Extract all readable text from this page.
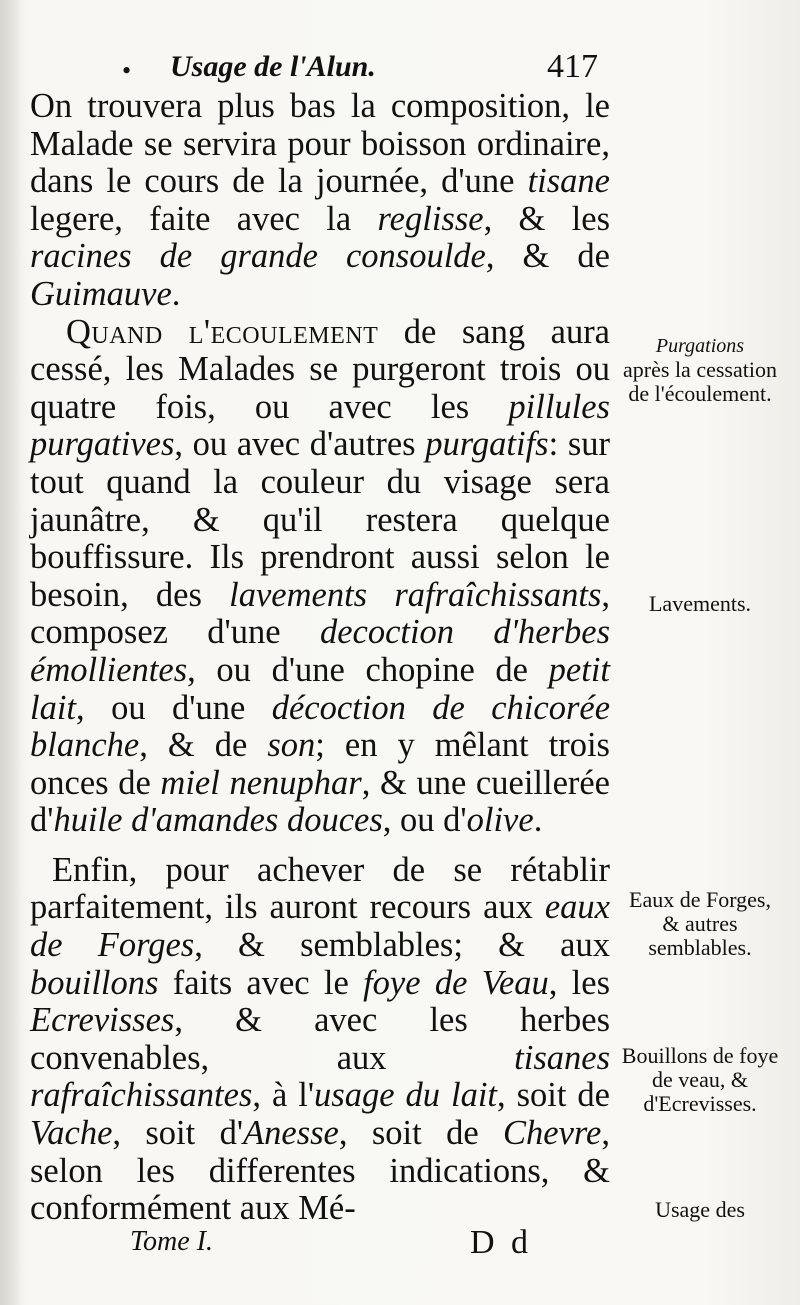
• Usage de l'Alun.	417

On trouvera plus bas la composition, le Malade se servira pour boisson ordinaire, dans le cours de la journée, d'une tisane legere, faite avec la reglisse, & les racines de grande consoulde, & de Guimauve.

Quand l'ecoulement de sang aura cessé, les Malades se purgeront trois ou quatre fois, ou avec les pillules purgatives, ou avec d'autres purgatifs: sur tout quand la couleur du visage sera jaunâtre, & qu'il restera quelque bouffissure. Ils prendront aussi selon le besoin, des lavements rafraîchissants, composez d'une decoction d'herbes émollientes, ou d'une chopine de petit lait, ou d'une décoction de chicorée blanche, & de son; en y mêlant trois onces de miel nenuphar, & une cueillerée d'huile d'amandes douces, ou d'olive.

Enfin, pour achever de se rétablir parfaitement, ils auront recours aux eaux de Forges, & semblables; & aux bouillons faits avec le foye de Veau, les Ecrevisses, & avec les herbes convenables, aux tisanes rafraîchissantes, à l'usage du lait, soit de Vache, soit d'Anesse, soit de Chevre, selon les differentes indications, & conformément aux Mé-

Purgations
après la cessation de l'écoulement.
Lavements.
Eaux de Forges, & autres semblables.
Bouillons de foye de veau, & d'Ecrevisses.
Usage des
Tome I.	D d
